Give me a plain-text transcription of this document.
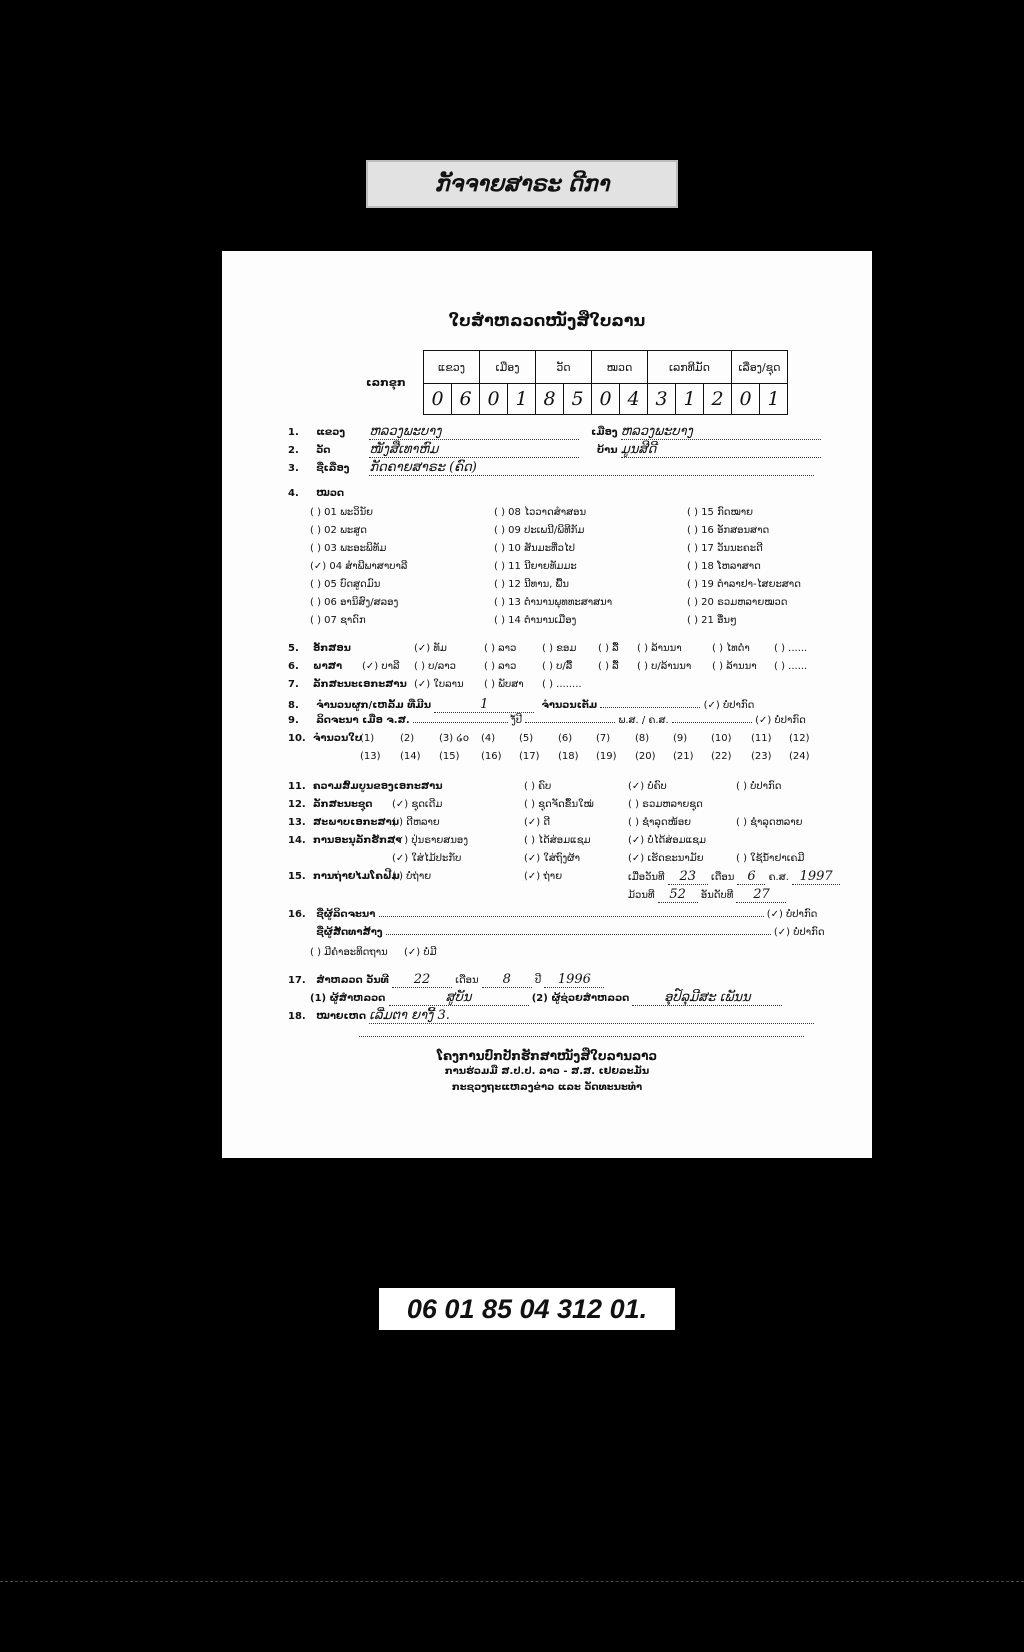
ກັຈຈາຍສາຣະ ດີກາ
ໃບສຳຫລວດໜັງສືໃບລານ
ເລກຂຸກ
ແຂວງ		ເມືອງ		ວັດ		ໝວດ		ເລກທີມັດ			ເລື່ອງ/ຊຸດ	
0	6	0	1	8	5	0	4	3	1	2	0	1
1. ແຂວງ ຫລວງພະບາງ	ເມືອງ ຫລວງພະບາງ
2. ວັດ	ໜັງສືເທາຫົມ	ບ້ານ ມູນສີດີ
3. ຊື່ເລື່ອງ ກັດຄາຍສາຣະ (ຄົດ)
4. ໝວດ
( ) 01 ພະວິນັຍ	( ) 08 ໄວວາດສຳສອນ	( ) 15 ກົດໝາຍ
( ) 02 ພະສູດ	( ) 09 ປະເພນີ/ພິທີກັມ	( ) 16 ອັກສອນສາດ
( ) 03 ພະອະພິທັມ	( ) 10 ສັນມະທີ່ວໄປ	( ) 17 ວັນນະຄະດີ
(✓) 04 ສຳພີພາສາບາລີ	( ) 11 ນີຍາຍທັມມະ	( ) 18 ໂຫລາສາດ
( ) 05 ບົດສູດມົນ	( ) 12 ນີທານ, ພື້ນ	( ) 19 ຕຳລາຢາ-ໄສຍະສາດ
( ) 06 ອານິສົງ/ສລອງ	( ) 13 ຕຳນານພຸທທະສາສນາ	( ) 20 ຣວມຫລາຍໝວດ
( ) 07 ຊາດົກ	( ) 14 ຕຳນານເມືອງ	( ) 21 ອື່ນໆ
5. ອັກສອນ	(✓) ທັມ	( ) ລາວ	( ) ຂອມ ( ) ລື້ ( ) ລ້ານນາ	( ) ໄທດຳ ( ) ......
6. ພາສາ (✓) ບາລີ ( ) ບ/ລາວ	( ) ລາວ	( ) ບ/ລື້	( ) ລື້ ( ) ບ/ລ້ານນາ ( ) ລ້ານນາ ( ) ......
7. ລັກສະນະເອກະສານ (✓) ໃບລານ ( ) ພັບສາ ( ) ........
8. ຈຳນວນຜູກ/ເຫລັ້ມ ທີ່ມີນ	1	ຈຳນວນເຕັມ	(✓) ບໍ່ປາກົດ
9. ລິດຈະນາ ເມື່ອ ຈ.ສ.	ງໍ້ປີ	ພ.ສ. / ຄ.ສ.	(✓) ບໍ່ປາກົດ
10. ຈຳນວນໃບ
(1)	(2) (3) ໒໐ (4) (5) (6) (7) (8) (9) (10) (11) (12)
(13) (14) (15) (16) (17) (18) (19) (20) (21) (22) (23) (24)
11. ຄວາມສົມບູນຂອງເອກະສານ	( ) ຄົບ	(✓) ບໍ່ຄົບ	( ) ບໍ່ປາກົດ
12. ລັກສະນະຊຸດ (✓) ຊຸດເດີມ	( ) ຊຸດຈັດຂຶ້ນໃໝ່	( ) ຣວມຫລາຍຊຸດ
13. ສະພາບເອກະສານ
( ) ດີຫລາຍ	(✓) ດີ	( ) ຊຳລຸດໜ້ອຍ	( ) ຊຳລຸດຫລາຍ
14. ການອະນຸລັກຮັກສາ
(✓) ປຸ່ນຣາຍສນອງ	( ) ໄດ້ສ່ອມແຊມ	(✓) ບໍ່ໄດ້ສ່ອມແຊມ
(✓) ໃສ່ໄມ້ປະກັບ	(✓) ໃສ່ຖົງຜ້າ	(✓) ເຮັດຂະນາມັຍ	( ) ໃຊ້ນ້ຳຢາເຄມີ
15. ການຖ່າຍໄມໂຄຟີມ
( ) ບໍ່ຖ່າຍ	(✓) ຖ່າຍ	ເມື່ອວັນທີ 23 ເດືອນ 6 ຄ.ສ. 1997
ມ້ວນທີ 52 ອັນດັບທີ 27
16. ຊື່ຜູ້ລິດຈະນາ	(✓) ບໍ່ປາກົດ
ຊື່ຜູ້ສັດທາສ້າງ	(✓) ບໍ່ປາກົດ
( ) ມີຄຳອະທິດຖານ (✓) ບໍ່ມີ
17. ສຳຫລວດ ວັນທີ 22 ເດືອນ 8 ປີ 1996
(1) ຜູ້ສຳຫລວດ	ສູບັນ	(2) ຜູ້ຊ່ວຍສຳຫລວດ	ອຸປ໌ລຸມີສະ ເພັນນ
18. ໝາຍເຫດ ເລີ່ມຕາ ຍາງີ້ 3.
ໂຄງການປົກປັກຮັກສາໜັງສືໃບລານລາວ
ການຮ່ວມມື ສ.ປ.ປ. ລາວ - ສ.ສ. ເຢຍລະມັນ
ກະຊວງຖະແຫລງຂ່າວ ແລະ ວັດທະນະທຳ
06 01 85 04 312 01.
